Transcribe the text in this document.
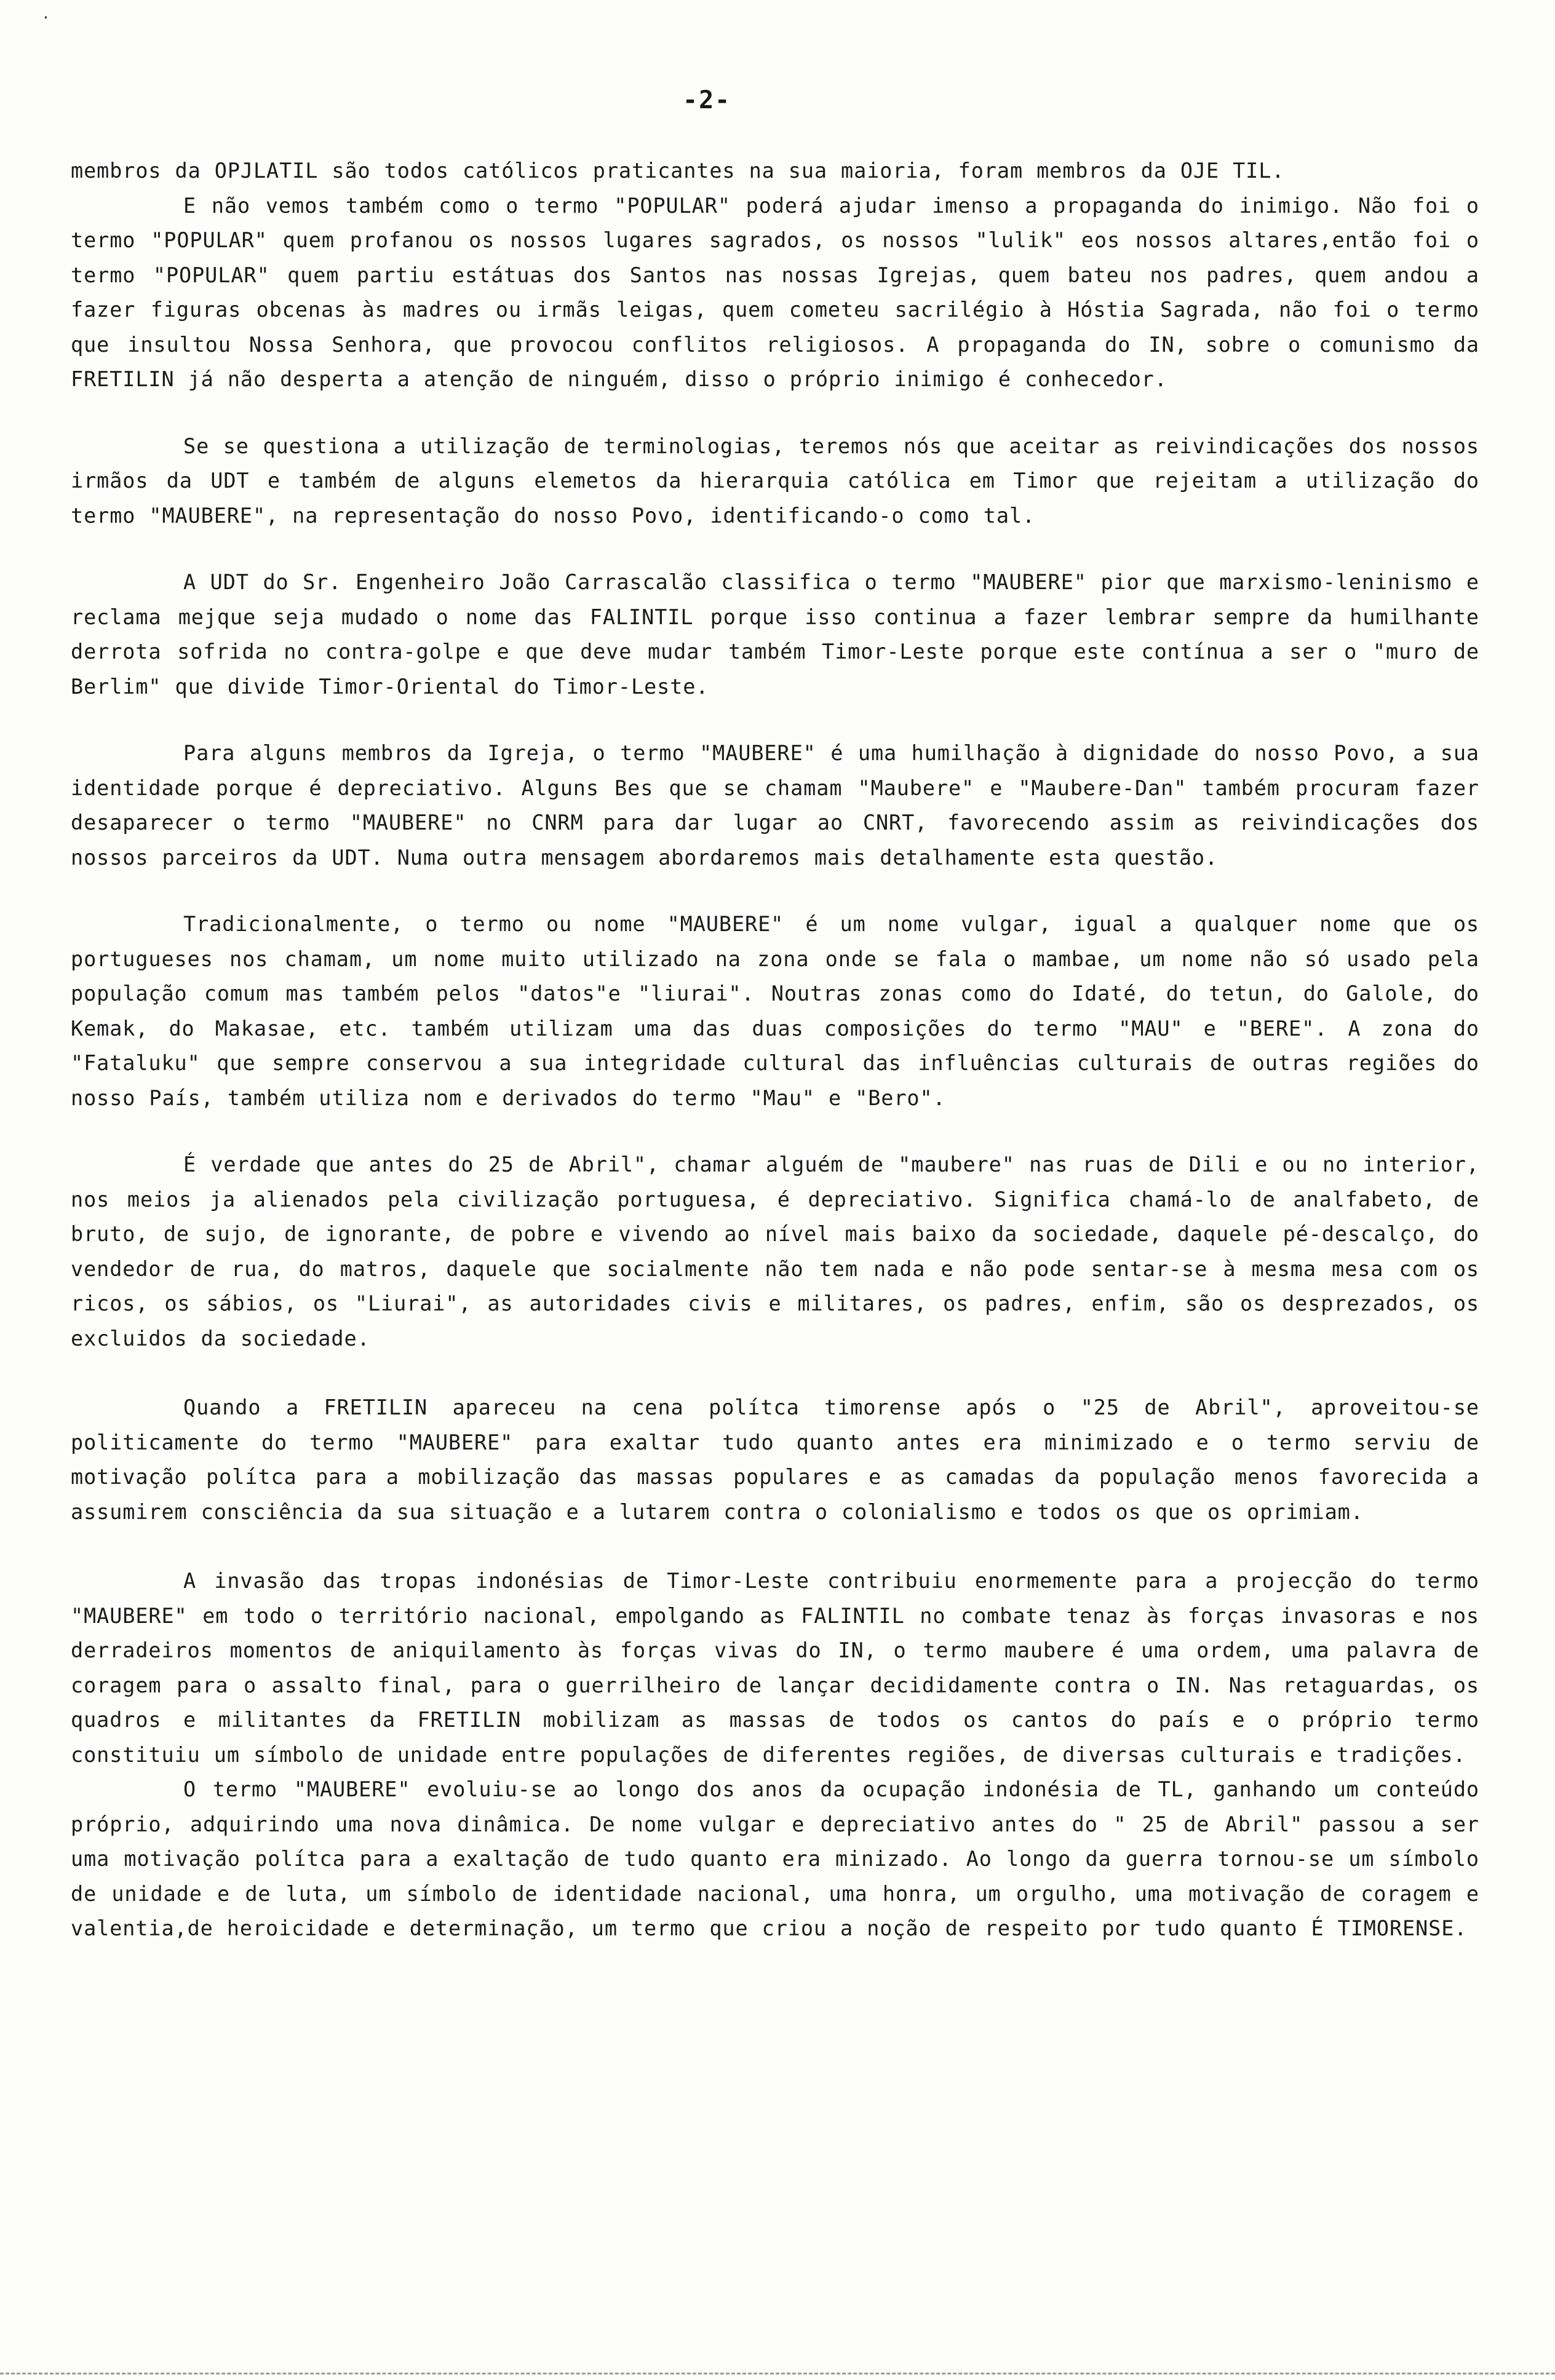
٠
-2-

membros da OPJLATIL são todos católicos praticantes na sua maioria, foram membros da OJE TIL.

E não vemos também como o termo "POPULAR" poderá ajudar imenso a propaganda do inimigo. Não foi o termo "POPULAR" quem profanou os nossos lugares sagrados, os nossos "lulik" eos nossos altares,então foi o termo "POPULAR" quem partiu estátuas dos Santos nas nossas Igrejas, quem bateu nos padres, quem andou a fazer figuras obcenas às madres ou irmãs leigas, quem cometeu sacrilégio à Hóstia Sagrada, não foi o termo que insultou Nossa Senhora, que provocou conflitos religiosos. A propaganda do IN, sobre o comunismo da FRETILIN já não desperta a atenção de ninguém, disso o próprio inimigo é conhecedor.

Se se questiona a utilização de terminologias, teremos nós que aceitar as reivindicações dos nossos irmãos da UDT e também de alguns elemetos da hierarquia católica em Timor que rejeitam a utilização do termo "MAUBERE", na representação do nosso Povo, identificando-o como tal.

A UDT do Sr. Engenheiro João Carrascalão classifica o termo "MAUBERE" pior que marxismo-leninismo e reclama mejque seja mudado o nome das FALINTIL porque isso continua a fazer lembrar sempre da humilhante derrota sofrida no contra-golpe e que deve mudar também Timor-Leste porque este contínua a ser o "muro de Berlim" que divide Timor-Oriental do Timor-Leste.

Para alguns membros da Igreja, o termo "MAUBERE" é uma humilhação à dignidade do nosso Povo, a sua identidade porque é depreciativo. Alguns Bes que se chamam "Maubere" e "Maubere-Dan" também procuram fazer desaparecer o termo "MAUBERE" no CNRM para dar lugar ao CNRT, favorecendo assim as reivindicações dos nossos parceiros da UDT. Numa outra mensagem abordaremos mais detalhamente esta questão.

Tradicionalmente, o termo ou nome "MAUBERE" é um nome vulgar, igual a qualquer nome que os portugueses nos chamam, um nome muito utilizado na zona onde se fala o mambae, um nome não só usado pela população comum mas também pelos "datos"e "liurai". Noutras zonas como do Idaté, do tetun, do Galole, do Kemak, do Makasae, etc. também utilizam uma das duas composições do termo "MAU" e "BERE". A zona do "Fataluku" que sempre conservou a sua integridade cultural das influências culturais de outras regiões do nosso País, também utiliza nom e derivados do termo "Mau" e "Bero".

É verdade que antes do 25 de Abril", chamar alguém de "maubere" nas ruas de Dili e ou no interior, nos meios ja alienados pela civilização portuguesa, é depreciativo. Significa chamá-lo de analfabeto, de bruto, de sujo, de ignorante, de pobre e vivendo ao nível mais baixo da sociedade, daquele pé-descalço, do vendedor de rua, do matros, daquele que socialmente não tem nada e não pode sentar-se à mesma mesa com os ricos, os sábios, os "Liurai", as autoridades civis e militares, os padres, enfim, são os desprezados, os excluidos da sociedade.

Quando a FRETILIN apareceu na cena polítca timorense após o "25 de Abril", aproveitou-se politicamente do termo "MAUBERE" para exaltar tudo quanto antes era minimizado e o termo serviu de motivação polítca para a mobilização das massas populares e as camadas da população menos favorecida a assumirem consciência da sua situação e a lutarem contra o colonialismo e todos os que os oprimiam.

A invasão das tropas indonésias de Timor-Leste contribuiu enormemente para a projecção do termo "MAUBERE" em todo o território nacional, empolgando as FALINTIL no combate tenaz às forças invasoras e nos derradeiros momentos de aniquilamento às forças vivas do IN, o termo maubere é uma ordem, uma palavra de coragem para o assalto final, para o guerrilheiro de lançar decididamente contra o IN. Nas retaguardas, os quadros e militantes da FRETILIN mobilizam as massas de todos os cantos do país e o próprio termo constituiu um símbolo de unidade entre populações de diferentes regiões, de diversas culturais e tradições.

O termo "MAUBERE" evoluiu-se ao longo dos anos da ocupação indonésia de TL, ganhando um conteúdo próprio, adquirindo uma nova dinâmica. De nome vulgar e depreciativo antes do " 25 de Abril" passou a ser uma motivação polítca para a exaltação de tudo quanto era minizado. Ao longo da guerra tornou-se um símbolo de unidade e de luta, um símbolo de identidade nacional, uma honra, um orgulho, uma motivação de coragem e valentia,de heroicidade e determinação, um termo que criou a noção de respeito por tudo quanto É TIMORENSE.
